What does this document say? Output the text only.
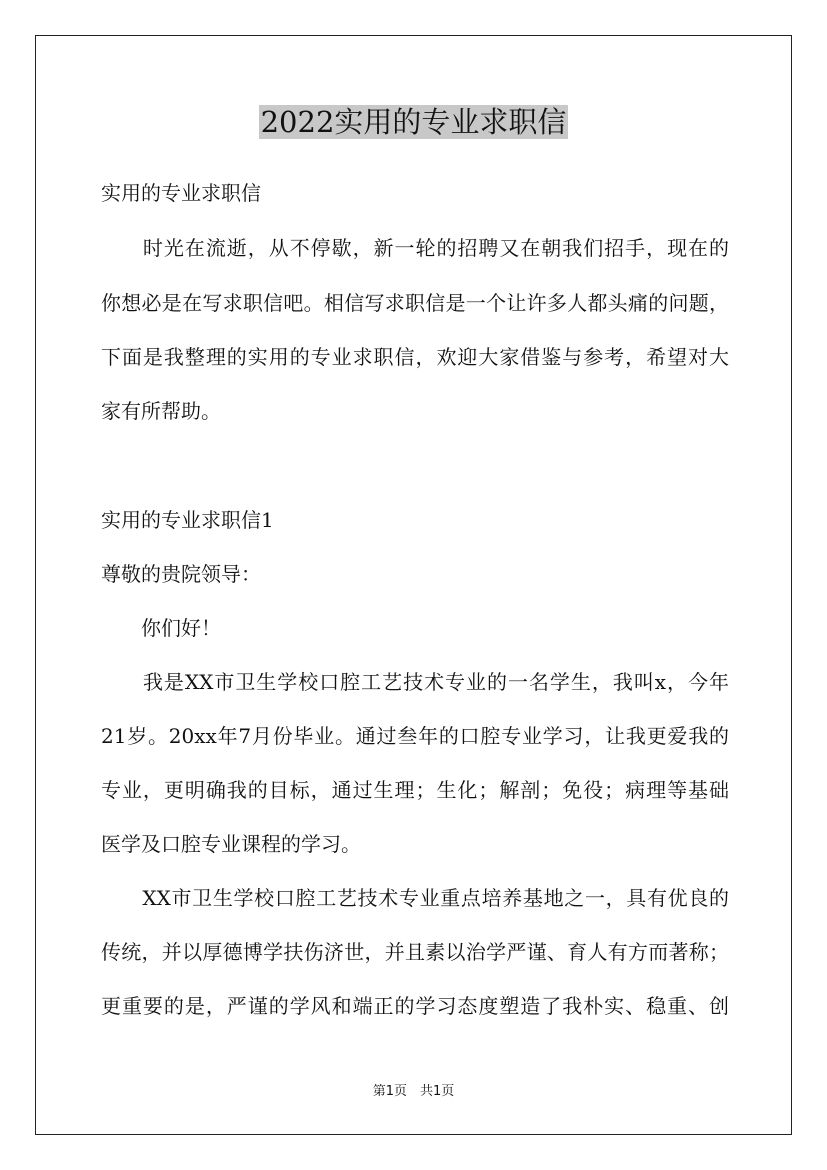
2022实用的专业求职信

实用的专业求职信

　　时光在流逝，从不停歇，新一轮的招聘又在朝我们招手，现在的

你想必是在写求职信吧。相信写求职信是一个让许多人都头痛的问题，

下面是我整理的实用的专业求职信，欢迎大家借鉴与参考，希望对大

家有所帮助。

实用的专业求职信1

尊敬的贵院领导：

　　你们好！

　　我是XX市卫生学校口腔工艺技术专业的一名学生，我叫x，今年

21岁。20xx年7月份毕业。通过叁年的口腔专业学习，让我更爱我的

专业，更明确我的目标，通过生理；生化；解剖；免役；病理等基础

医学及口腔专业课程的学习。

　　XX市卫生学校口腔工艺技术专业重点培养基地之一，具有优良的

传统，并以厚德博学扶伤济世，并且素以治学严谨、育人有方而著称；

更重要的是，严谨的学风和端正的学习态度塑造了我朴实、稳重、创

第1页　共1页
